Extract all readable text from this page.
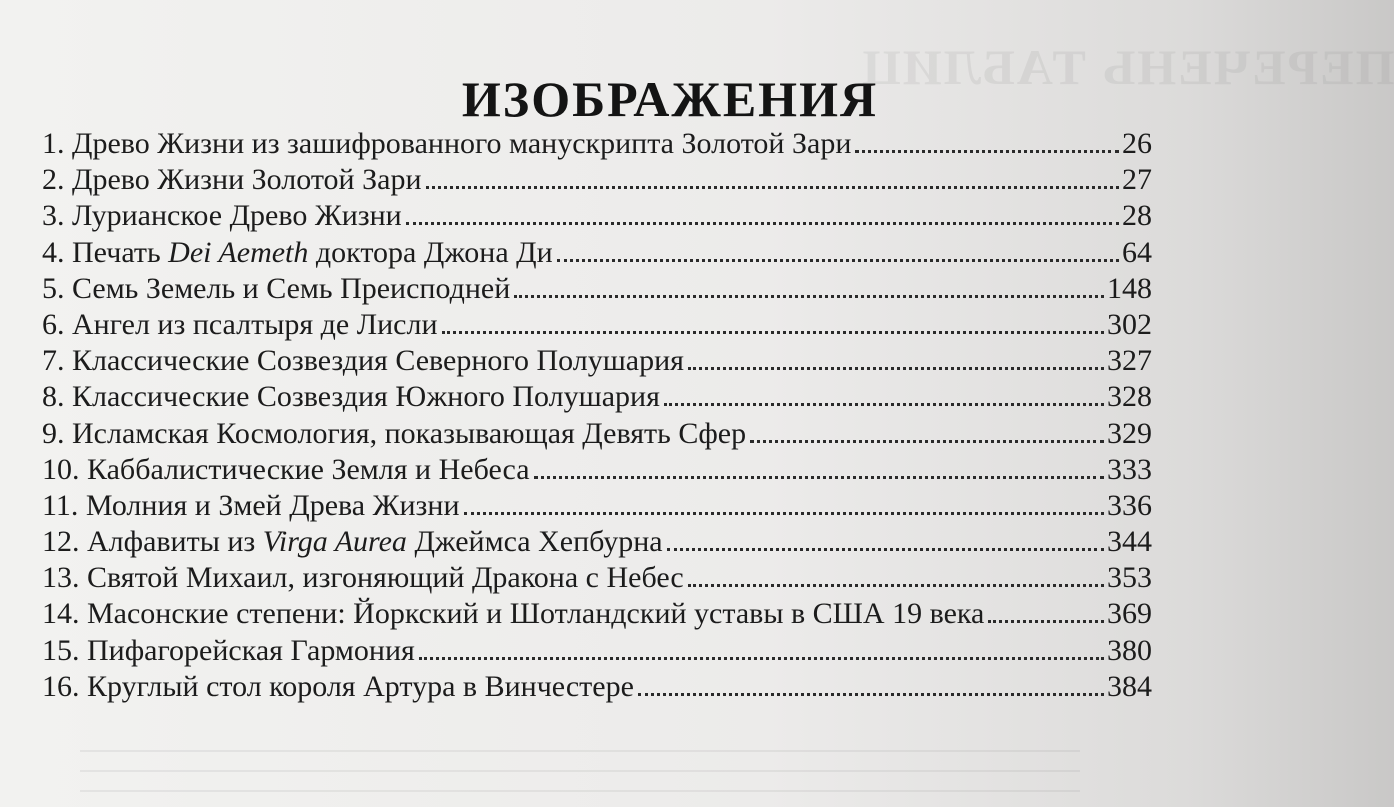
ПЕРЕЧЕНЬ ТАБЛИЦ
ИЗОБРАЖЕНИЯ
1. Древо Жизни из зашифрованного манускрипта Золотой Зари	26
2. Древо Жизни Золотой Зари	27
3. Лурианское Древо Жизни	28
4. Печать Dei Aemeth доктора Джона Ди	64
5. Семь Земель и Семь Преисподней	148
6. Ангел из псалтыря де Лисли	302
7. Классические Созвездия Северного Полушария	327
8. Классические Созвездия Южного Полушария	328
9. Исламская Космология, показывающая Девять Сфер	329
10. Каббалистические Земля и Небеса	333
11. Молния и Змей Древа Жизни	336
12. Алфавиты из Virga Aurea Джеймса Хепбурна	344
13. Святой Михаил, изгоняющий Дракона с Небес	353
14. Масонские степени: Йоркский и Шотландский уставы в США 19 века	369
15. Пифагорейская Гармония	380
16. Круглый стол короля Артура в Винчестере	384
